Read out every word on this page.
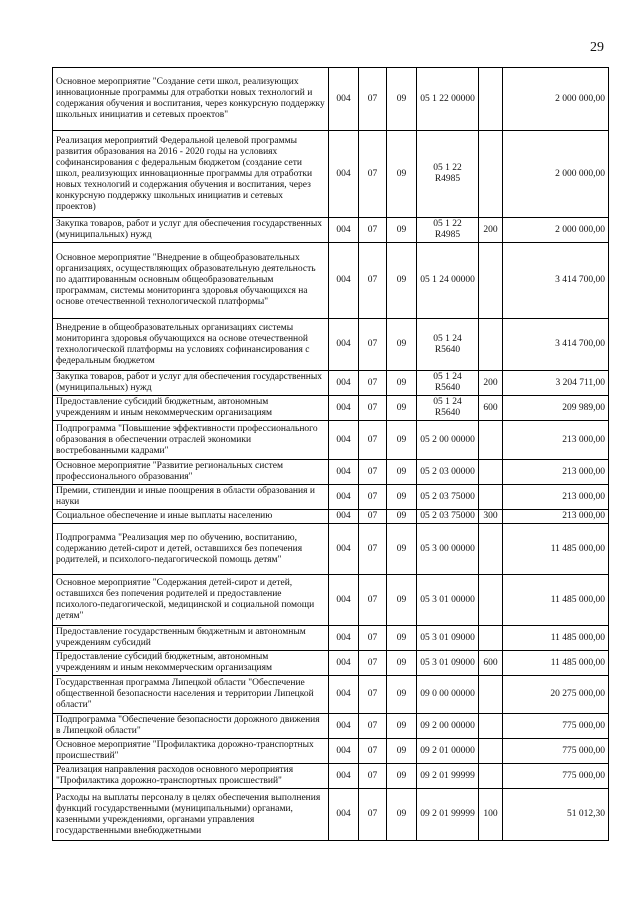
29
Основное мероприятие "Создание сети школ, реализующих инновационные программы для отработки новых технологий и содержания обучения и воспитания, через конкурсную поддержку школьных инициатив и сетевых проектов"	004	07	09	05 1 22 00000		2 000 000,00
Реализация мероприятий Федеральной целевой программы развития образования на 2016 - 2020 годы на условиях софинансирования с федеральным бюджетом (создание сети школ, реализующих инновационные программы для отработки новых технологий и содержания обучения и воспитания, через конкурсную поддержку школьных инициатив и сетевых проектов)	004	07	09	05 1 22 R4985		2 000 000,00
Закупка товаров, работ и услуг для обеспечения государственных (муниципальных) нужд	004	07	09	05 1 22 R4985	200	2 000 000,00
Основное мероприятие "Внедрение в общеобразовательных организациях, осуществляющих образовательную деятельность по адаптированным основным общеобразовательным программам, системы мониторинга здоровья обучающихся на основе отечественной технологической платформы"	004	07	09	05 1 24 00000		3 414 700,00
Внедрение в общеобразовательных организациях системы мониторинга здоровья обучающихся на основе отечественной технологической платформы на условиях софинансирования с федеральным бюджетом	004	07	09	05 1 24 R5640		3 414 700,00
Закупка товаров, работ и услуг для обеспечения государственных (муниципальных) нужд	004	07	09	05 1 24 R5640	200	3 204 711,00
Предоставление субсидий бюджетным, автономным учреждениям и иным некоммерческим организациям	004	07	09	05 1 24 R5640	600	209 989,00
Подпрограмма "Повышение эффективности профессионального образования в обеспечении отраслей экономики востребованными кадрами"	004	07	09	05 2 00 00000		213 000,00
Основное мероприятие "Развитие региональных систем профессионального образования"	004	07	09	05 2 03 00000		213 000,00
Премии, стипендии и иные поощрения в области образования и науки	004	07	09	05 2 03 75000		213 000,00
Социальное обеспечение и иные выплаты населению	004	07	09	05 2 03 75000	300	213 000,00
Подпрограмма "Реализация мер по обучению, воспитанию, содержанию детей-сирот и детей, оставшихся без попечения родителей, и психолого-педагогической помощь детям"	004	07	09	05 3 00 00000		11 485 000,00
Основное мероприятие "Содержания детей-сирот и детей, оставшихся без попечения родителей и предоставление психолого-педагогической, медицинской и социальной помощи детям"	004	07	09	05 3 01 00000		11 485 000,00
Предоставление государственным бюджетным и автономным учреждениям субсидий	004	07	09	05 3 01 09000		11 485 000,00
Предоставление субсидий бюджетным, автономным учреждениям и иным некоммерческим организациям	004	07	09	05 3 01 09000	600	11 485 000,00
Государственная программа Липецкой области "Обеспечение общественной безопасности населения и территории Липецкой области"	004	07	09	09 0 00 00000		20 275 000,00
Подпрограмма "Обеспечение безопасности дорожного движения в Липецкой области"	004	07	09	09 2 00 00000		775 000,00
Основное мероприятие "Профилактика дорожно-транспортных происшествий"	004	07	09	09 2 01 00000		775 000,00
Реализация направления расходов основного мероприятия "Профилактика дорожно-транспортных происшествий"	004	07	09	09 2 01 99999		775 000,00
Расходы на выплаты персоналу в целях обеспечения выполнения функций государственными (муниципальными) органами, казенными учреждениями, органами управления государственными внебюджетными	004	07	09	09 2 01 99999	100	51 012,30
